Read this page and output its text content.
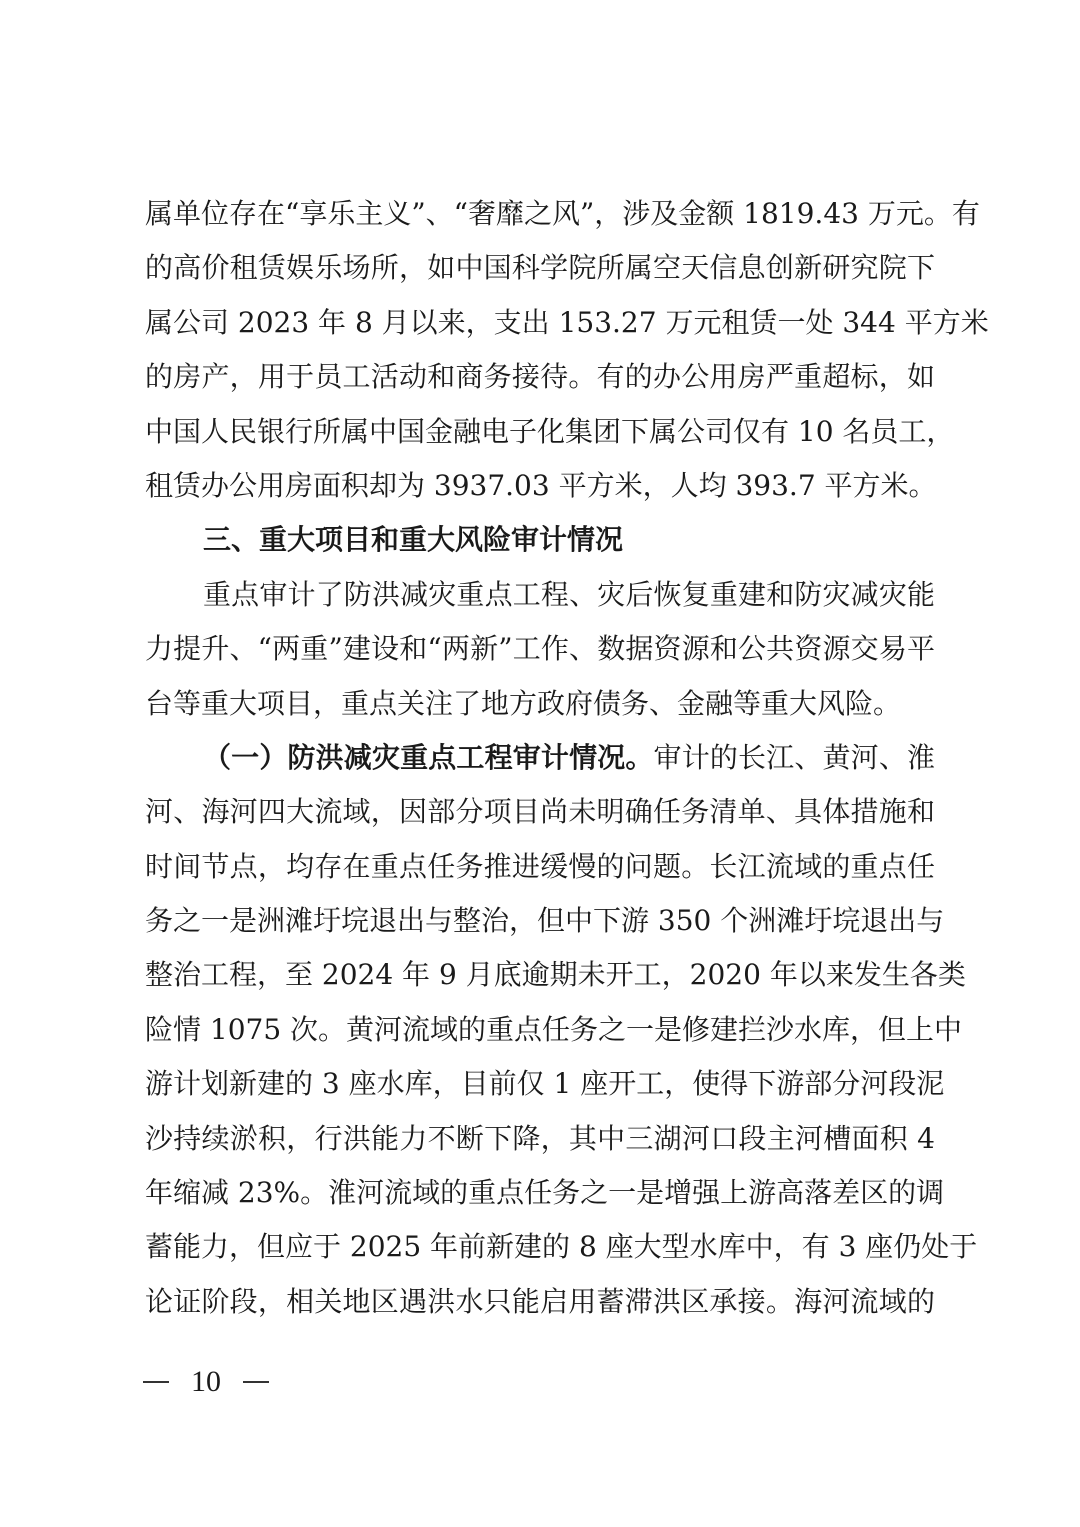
属单位存在“享乐主义”、“奢靡之风”，涉及金额 1819.43 万元。有
的高价租赁娱乐场所，如中国科学院所属空天信息创新研究院下
属公司 2023 年 8 月以来，支出 153.27 万元租赁一处 344 平方米
的房产，用于员工活动和商务接待。有的办公用房严重超标，如
中国人民银行所属中国金融电子化集团下属公司仅有 10 名员工，
租赁办公用房面积却为 3937.03 平方米，人均 393.7 平方米。
三、重大项目和重大风险审计情况
重点审计了防洪减灾重点工程、灾后恢复重建和防灾减灾能
力提升、“两重”建设和“两新”工作、数据资源和公共资源交易平
台等重大项目，重点关注了地方政府债务、金融等重大风险。
（一）防洪减灾重点工程审计情况。审计的长江、黄河、淮
河、海河四大流域，因部分项目尚未明确任务清单、具体措施和
时间节点，均存在重点任务推进缓慢的问题。长江流域的重点任
务之一是洲滩圩垸退出与整治，但中下游 350 个洲滩圩垸退出与
整治工程，至 2024 年 9 月底逾期未开工，2020 年以来发生各类
险情 1075 次。黄河流域的重点任务之一是修建拦沙水库，但上中
游计划新建的 3 座水库，目前仅 1 座开工，使得下游部分河段泥
沙持续淤积，行洪能力不断下降，其中三湖河口段主河槽面积 4
年缩减 23%。淮河流域的重点任务之一是增强上游高落差区的调
蓄能力，但应于 2025 年前新建的 8 座大型水库中，有 3 座仍处于
论证阶段，相关地区遇洪水只能启用蓄滞洪区承接。海河流域的
10
